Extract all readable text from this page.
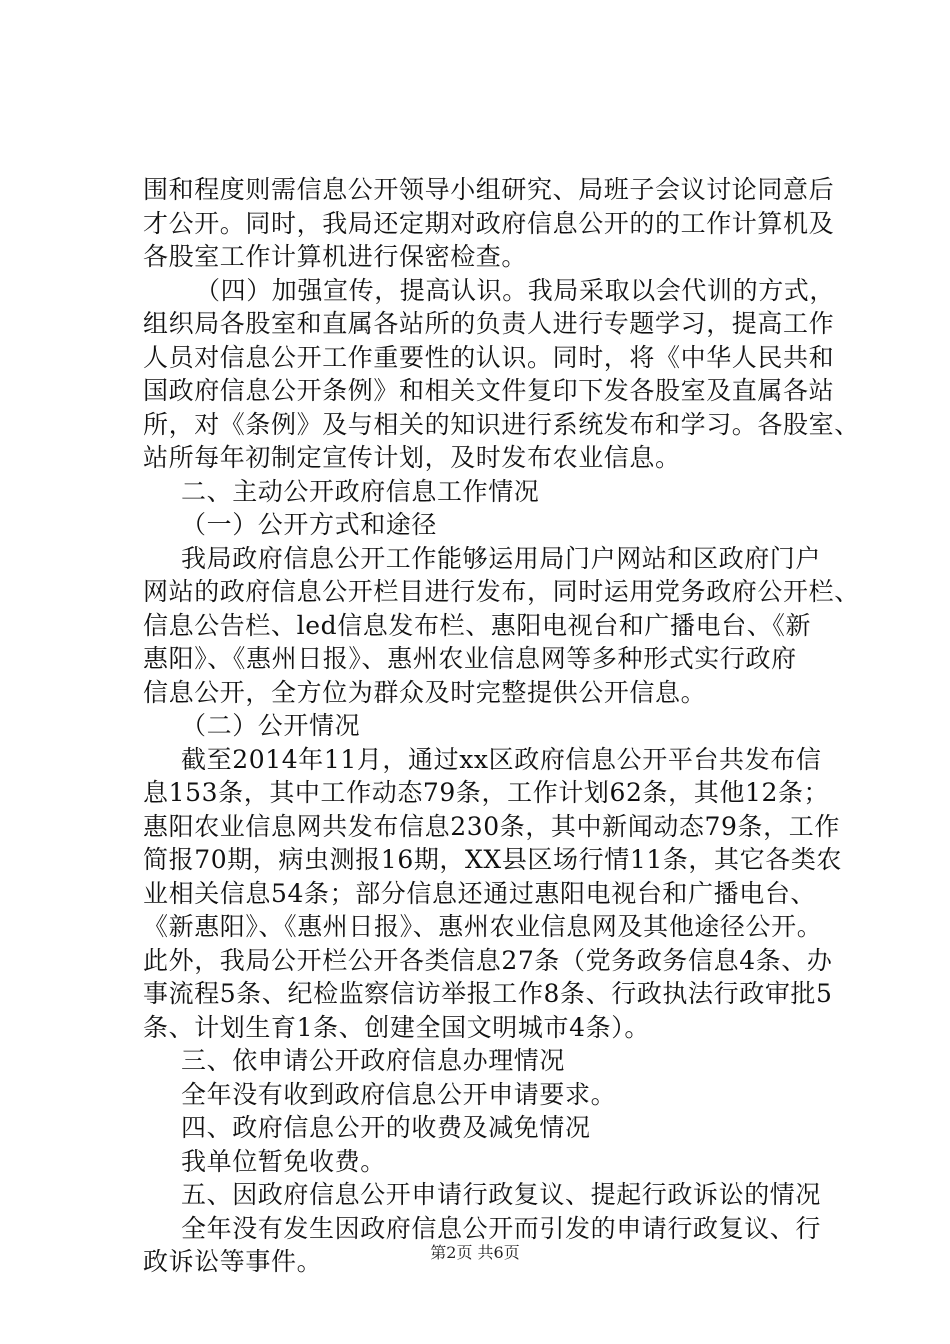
围和程度则需信息公开领导小组研究、局班子会议讨论同意后
才公开。同时，我局还定期对政府信息公开的的工作计算机及
各股室工作计算机进行保密检查。
（四）加强宣传，提高认识。我局采取以会代训的方式，
组织局各股室和直属各站所的负责人进行专题学习，提高工作
人员对信息公开工作重要性的认识。同时，将《中华人民共和
国政府信息公开条例》和相关文件复印下发各股室及直属各站
所，对《条例》及与相关的知识进行系统发布和学习。各股室、
站所每年初制定宣传计划，及时发布农业信息。
二、主动公开政府信息工作情况
（一）公开方式和途径
我局政府信息公开工作能够运用局门户网站和区政府门户
网站的政府信息公开栏目进行发布，同时运用党务政府公开栏、
信息公告栏、led信息发布栏、惠阳电视台和广播电台、《新
惠阳》、《惠州日报》、惠州农业信息网等多种形式实行政府
信息公开，全方位为群众及时完整提供公开信息。
（二）公开情况
截至2014年11月，通过xx区政府信息公开平台共发布信
息153条，其中工作动态79条，工作计划62条，其他12条；
惠阳农业信息网共发布信息230条，其中新闻动态79条，工作
简报70期，病虫测报16期，XX县区场行情11条，其它各类农
业相关信息54条；部分信息还通过惠阳电视台和广播电台、
《新惠阳》、《惠州日报》、惠州农业信息网及其他途径公开。
此外，我局公开栏公开各类信息27条（党务政务信息4条、办
事流程5条、纪检监察信访举报工作8条、行政执法行政审批5
条、计划生育1条、创建全国文明城市4条）。
三、依申请公开政府信息办理情况
全年没有收到政府信息公开申请要求。
四、政府信息公开的收费及减免情况
我单位暂免收费。
五、因政府信息公开申请行政复议、提起行政诉讼的情况
全年没有发生因政府信息公开而引发的申请行政复议、行
政诉讼等事件。	第2页 共6页
